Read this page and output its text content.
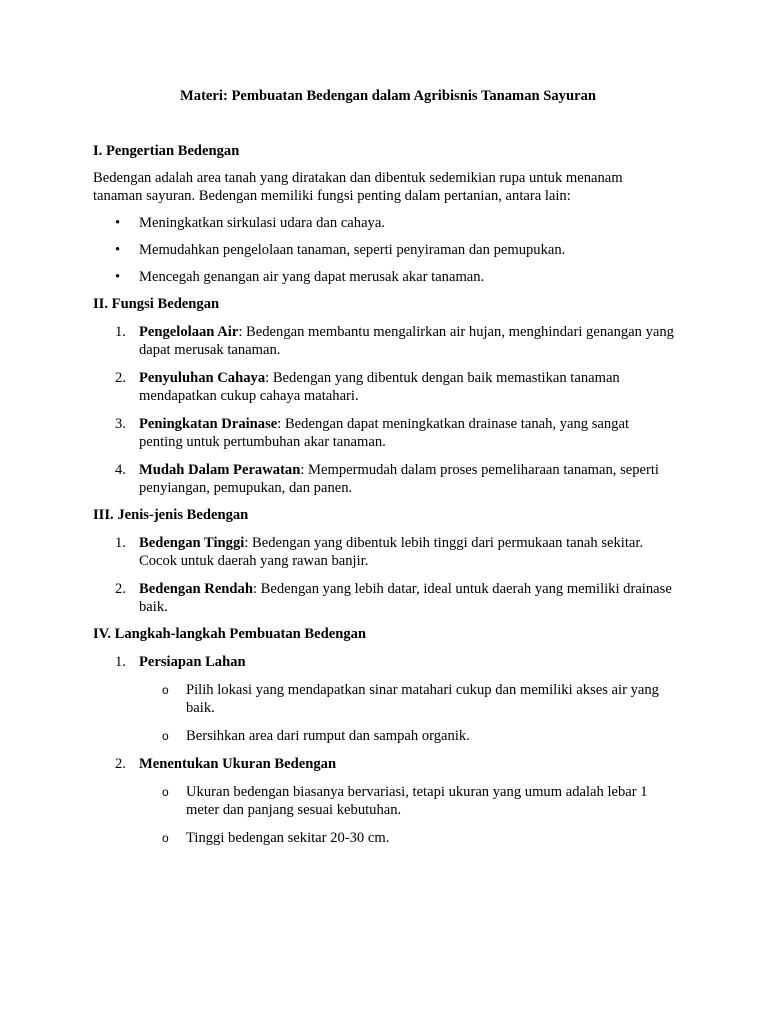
Materi: Pembuatan Bedengan dalam Agribisnis Tanaman Sayuran

I. Pengertian Bedengan

Bedengan adalah area tanah yang diratakan dan dibentuk sedemikian rupa untuk menanam tanaman sayuran. Bedengan memiliki fungsi penting dalam pertanian, antara lain:

• Meningkatkan sirkulasi udara dan cahaya.
• Memudahkan pengelolaan tanaman, seperti penyiraman dan pemupukan.
• Mencegah genangan air yang dapat merusak akar tanaman.

II. Fungsi Bedengan

1. Pengelolaan Air: Bedengan membantu mengalirkan air hujan, menghindari genangan yang dapat merusak tanaman.
2. Penyuluhan Cahaya: Bedengan yang dibentuk dengan baik memastikan tanaman mendapatkan cukup cahaya matahari.
3. Peningkatan Drainase: Bedengan dapat meningkatkan drainase tanah, yang sangat penting untuk pertumbuhan akar tanaman.
4. Mudah Dalam Perawatan: Mempermudah dalam proses pemeliharaan tanaman, seperti penyiangan, pemupukan, dan panen.

III. Jenis-jenis Bedengan

1. Bedengan Tinggi: Bedengan yang dibentuk lebih tinggi dari permukaan tanah sekitar. Cocok untuk daerah yang rawan banjir.
2. Bedengan Rendah: Bedengan yang lebih datar, ideal untuk daerah yang memiliki drainase baik.

IV. Langkah-langkah Pembuatan Bedengan

1. Persiapan Lahan
o Pilih lokasi yang mendapatkan sinar matahari cukup dan memiliki akses air yang baik.
o Bersihkan area dari rumput dan sampah organik.
2. Menentukan Ukuran Bedengan
o Ukuran bedengan biasanya bervariasi, tetapi ukuran yang umum adalah lebar 1 meter dan panjang sesuai kebutuhan.
o Tinggi bedengan sekitar 20-30 cm.
